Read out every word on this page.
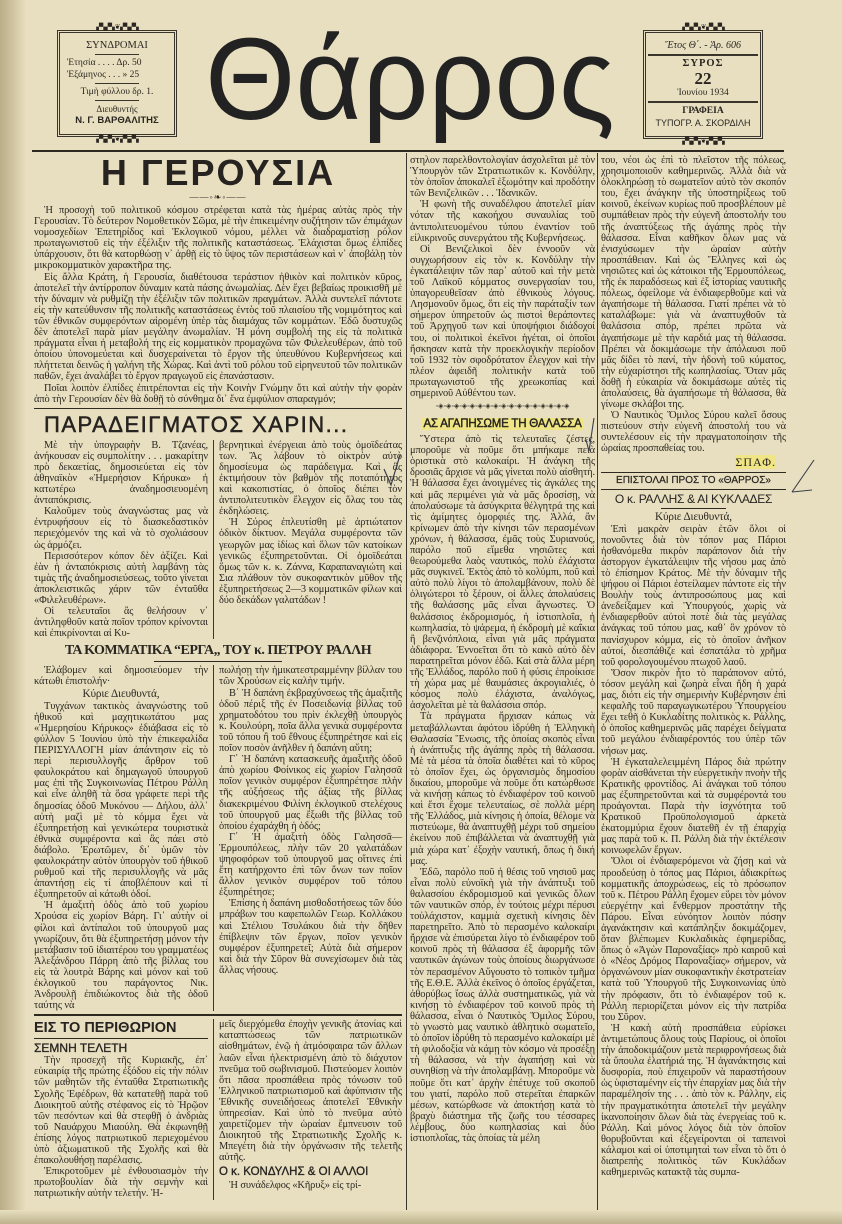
▞▚▞▚ ❦ ▞▚▞▚
ΣΥΝΔΡΟΜΑΙ
Ἐτησία . . . . Δρ. 50
Ἑξάμηνος . . . » 25
Τιμὴ φύλλου δρ. 1.
Διευθυντής
Ν. Γ. ΒΑΡΘΑΛΙΤΗΣ
▞▚▞▚ ❦ ▞▚▞▚ Θάρρος	▞▚▞▚ ❦ ▞▚▞▚
Ἔτος Θ΄. - Ἀρ. 606
ΣΥΡΟΣ
22
Ἰουνίου 1934
ΓΡΑΦΕΙΑ
ΤΥΠΟΓΡ. Α. ΣΚΟΡΔΙΛΗ
▞▚▞▚ ❦ ▞▚▞▚
Η ΓΕΡΟΥΣΙΑ
——◦❧◦——

Ἡ προσοχὴ τοῦ πολιτικοῦ κόσμου στρέφεται κατὰ τὰς ἡμέρας αὐτὰς πρὸς τὴν Γερουσίαν. Τὸ δεύτερον Νομοθετικὸν Σῶμα, μὲ τὴν ἐπικειμένην συζήτησιν τῶν ἐπιμάχων νομοσχεδίων Ἐπετηρίδος καὶ Ἐκλογικοῦ νόμου, μέλλει νὰ διαδραματίσῃ ρόλον πρωταγωνιστοῦ εἰς τὴν ἐξέλιξιν τῆς πολιτικῆς καταστάσεως. Ἐλάχισται ὅμως ἐλπίδες ὑπάρχουσιν, ὅτι θὰ κατορθώσῃ ν᾽ ἀρθῇ εἰς τὸ ὕψος τῶν περιστάσεων καὶ ν᾽ ἀποβάλῃ τὸν μικροκομματικὸν χαρακτῆρα της.

Εἰς ἄλλα Κράτη, ἡ Γερουσία, διαθέτουσα τεράστιον ἠθικὸν καὶ πολιτικὸν κῦρος, ἀποτελεῖ τὴν ἀντίρροπον δύναμιν κατὰ πάσης ἀνωμαλίας. Δὲν ἔχει βεβαίως προικισθῆ μὲ τὴν δύναμιν νὰ ρυθμίζῃ τὴν ἐξέλιξιν τῶν πολιτικῶν πραγμάτων. Ἀλλὰ συντελεῖ πάντοτε εἰς τὴν κατεύθυνσιν τῆς πολιτικῆς καταστάσεως ἐντὸς τοῦ πλαισίου τῆς νομιμότητος καὶ τῶν ἐθνικῶν συμφερόντων αἰρομένη ὑπὲρ τὰς διαμάχας τῶν κομμάτων. Ἐδῶ δυστυχῶς δὲν ἀποτελεῖ παρὰ μίαν μεγάλην ἀνωμαλίαν. Ἡ μόνη συμβολή της εἰς τὰ πολιτικὰ πράγματα εἶναι ἡ μεταβολή της εἰς κομματικὸν προμαχῶνα τῶν Φιλελευθέρων, ἀπὸ τοῦ ὁποίου ὑπονομεύεται καὶ δυσχεραίνεται τὸ ἔργον τῆς ὑπευθύνου Κυβερνήσεως καὶ πλήττεται δεινῶς ἡ γαλήνη τῆς Χώρας. Καὶ ἀντὶ τοῦ ρόλου τοῦ εἰρηνευτοῦ τῶν πολιτικῶν παθῶν, ἔχει ἀναλάβει τὸ ἔργον πραγωγοῦ εἰς ἐπανάστασιν.

Ποῖαι λοιπὸν ἐλπίδες ἐπιτρέπονται εἰς τὴν Κοινὴν Γνώμην ὅτι καὶ αὐτὴν τὴν φορὰν ἀπὸ τὴν Γερουσίαν δὲν θὰ δοθῇ τὸ σύνθημα δι᾽ ἕνα ἐμφύλιον σπαραγμόν;

ΠΑΡΑΔΕΙΓΜΑΤΟΣ ΧΑΡΙΝ...

Μὲ τὴν ὑπογραφὴν Β. Τζανέας, ἀνήκουσαν εἰς συμπολίτην . . . μακαρίτην πρὸ δεκαετίας, δημοσιεύεται εἰς τὸν ἀθηναϊκὸν «Ἡμερήσιον Κήρυκα» ἡ κατωτέρω ἀναδημοσιευομένη ἀνταπόκρισις.

Καλοῦμεν τοὺς ἀναγνώστας μας νὰ ἐντρυφήσουν εἰς τὸ διασκεδαστικὸν περιεχόμενόν της καὶ νὰ τὸ σχολιάσουν ὡς ἁρμόζει.

Περισσότερον κόπον δὲν ἀξίζει. Καὶ ἐὰν ἡ ἀνταπόκρισις αὐτὴ λαμβάνῃ τὰς τιμὰς τῆς ἀναδημοσιεύσεως, τοῦτο γίνεται ἀποκλειστικῶς χάριν τῶν ἐνταῦθα «Φιλελευθέρων».

Οἱ τελευταῖοι ἂς θελήσουν ν᾽ ἀντιληφθοῦν κατὰ ποῖον τρόπον κρίνονται καὶ ἐπικρίνονται αἱ Κυ-

βερνητικαὶ ἐνέργειαι ἀπὸ τοὺς ὁμοϊδεάτας των. Ἂς λάβουν τὸ οἰκτρὸν αὐτὸ δημοσίευμα ὡς παράδειγμα. Καὶ ἂς ἐκτιμήσουν τὸν βαθμὸν τῆς ποταπότητος καὶ κακοπιστίας, ὁ ὁποῖος διέπει τὸν ἀντιπολιτευτικὸν ἔλεγχον εἰς ὅλας του τὰς ἐκδηλώσεις.

Ἡ Σύρος ἐπλευτίσθη μὲ ἀρτιώτατον ὁδικὸν δίκτυον. Μεγάλα συμφέροντα τῶν γεωργῶν μας ἰδίως καὶ ὅλων τῶν κατοίκων γενικῶς ἐξυπηρετοῦνται. Οἱ ὁμοϊδεάται ὅμως τῶν κ. κ. Ζάννα, Καραπαναγιώτη καὶ Σια πλάθουν τὸν συκοφαντικὸν μῦθον τῆς ἐξυπηρετήσεως 2—3 κομματικῶν φίλων καὶ δύο δεκάδων γαλατάδων !

ΤΑ ΚΟΜΜΑΤΙΚΑ “ΕΡΓΑ„ ΤΟΥ κ. ΠΕΤΡΟΥ ΡΑΛΛΗ

Ἐλάβομεν καὶ δημοσιεύομεν τὴν κάτωθι ἐπιστολήν·

Κύριε Διευθυντά,

Τυγχάνων τακτικὸς ἀναγνώστης τοῦ ἡθικοῦ καὶ μαχητικωτάτου μας «Ἡμερησίου Κήρυκος» ἐδιάβασα εἰς τὸ φύλλον 5 Ἰουνίου ὑπὸ τὴν ἐπικεφαλίδα ΠΕΡΙΣΥΛΛΟΓΗ μίαν ἀπάντησιν εἰς τὸ περὶ περισυλλογῆς ἄρθρον τοῦ φαυλοκράτου καὶ δημαγωγοῦ ὑπουργοῦ μας ἐπὶ τῆς Συγκοινωνίας Πέτρου Ράλλη καὶ εἶνε ἀληθῆ τὰ ὅσα γράφετε περὶ τῆς δημοσίας ὁδοῦ Μυκόνου — Δήλου, ἀλλ᾽ αὐτὴ μαζὶ μὲ τὸ κόμμα ἔχει νὰ ἐξυπηρετήσῃ καὶ γενικώτερα τουριστικὰ ἐθνικὰ συμφέροντα καὶ ἂς πάει στὸ διάβολο. Ἐρωτῶμεν, δι᾽ ὑμῶν τὸν φαυλοκράτην αὐτὸν ὑπουργὸν τοῦ ἡθικοῦ ρυθμοῦ καὶ τῆς περισυλλογῆς νὰ μᾶς ἀπαντήσῃ εἰς τί ἀποβλέπουν καὶ τί ἐξυπηρετοῦν αἱ κάτωθι ὁδοί.

Ἡ ἁμαξιτὴ ὁδὸς ἀπὸ τοῦ χωρίου Χρούσα εἰς χωρίον Βάρη. Γι᾽ αὐτὴν οἱ φίλοι καὶ ἀντίπαλοι τοῦ ὑπουργοῦ μας γνωρίζουν, ὅτι θὰ ἐξυπηρετήσῃ μόνον τὴν μετάβασιν τοῦ ἰδιαιτέρου του γραμματέως Ἀλεξάνδρου Πάρρη ἀπὸ τῆς βίλλας του εἰς τὰ λουτρὰ Βάρης καὶ μόνον καὶ τοῦ ἐκλογικοῦ του παράγοντος Νικ. Ἀνδρουλῇ ἐπιδιώκοντος διὰ τῆς ὁδοῦ ταύτης νὰ

πωλήσῃ τὴν ἡμικατεστραμμένην βίλλαν του τῶν Χρούσων εἰς καλὴν τιμήν.

Β΄ Ἡ δαπάνη ἐκβραχύνσεως τῆς ἁμαξιτῆς ὁδοῦ πέριξ τῆς ἐν Ποσειδωνίᾳ βίλλας τοῦ χρηματοδότου του πρὶν ἐκλεχθῇ ὑπουργὸς κ. Κουλούρη, ποῖα ἄλλα γενικὰ συμφέροντα τοῦ τόπου ἢ τοῦ ἔθνους ἐξυπηρέτησε καὶ εἰς ποῖον ποσὸν ἀνῆλθεν ἡ δαπάνη αὕτη;

Γ΄ Ἡ δαπάνη κατασκευῆς ἁμαξιτῆς ὁδοῦ ἀπὸ χωρίου Φοίνικος εἰς χωρίον Γαλησσᾶ ποῖον γενικὸν συμφέρον ἐξυπηρέτησε πλὴν τῆς αὐξήσεως τῆς ἀξίας τῆς βίλλας διακεκριμένου Φιλίνη ἐκλογικοῦ στελέχους τοῦ ὑπουργοῦ μας ἔξωθι τῆς βίλλας τοῦ ὁποίου ἐχαράχθη ἡ ὁδός;

Γ΄ Ἡ ἁμαξιτὴ ὁδὸς Γαλησσᾶ—Ἑρμουπόλεως, πλὴν τῶν 20 γαλατάδων ψηφοφόρων τοῦ ὑπουργοῦ μας οἵτινες ἐπὶ ἔτη κατήρχοντο ἐπὶ τῶν ὄνων των ποῖον ἄλλον γενικὸν συμφέρον τοῦ τόπου ἐξυπηρέτησε;

Ἐπίσης ἡ δαπάνη μισθοδοτήσεως τῶν δύο μπράβων του καφεπωλῶν Γεωρ. Κολλάκου καὶ Στέλιου Τσυλάκου διὰ τὴν δῆθεν ἐπίβλεψιν τῶν ἔργων, ποῖον γενικὸν συμφέρον ἐξυπηρετεῖ; Αὐτὰ διὰ σήμερον καὶ διὰ τὴν Σῦρον θὰ συνεχίσωμεν διὰ τὰς ἄλλας νήσους.

ΕΙΣ ΤΟ ΠΕΡΙΘΩΡΙΟΝ
ΣΕΜΝΗ ΤΕΛΕΤΗ

Τὴν προσεχῆ τῆς Κυριακῆς, ἐπ᾽ εὐκαιρίᾳ τῆς πρώτης ἐξόδου εἰς τὴν πόλιν τῶν μαθητῶν τῆς ἐνταῦθα Στρατιωτικῆς Σχολῆς Ἐφέδρων, θὰ κατατεθῇ παρὰ τοῦ Διοικητοῦ αὐτῆς στέφανος εἰς τὸ Ἡρῷον τῶν πεσόντων καὶ θὰ στεφθῇ ὁ ἀνδριὰς τοῦ Ναυάρχου Μιαούλη. Θὰ ἐκφωνηθῇ ἐπίσης λόγος πατριωτικοῦ περιεχομένου ὑπὸ ἀξιωματικοῦ τῆς Σχολῆς καὶ θὰ ἐπακολουθήσῃ παρέλασις.

Ἐπικροτοῦμεν μὲ ἐνθουσιασμὸν τὴν πρωτοβουλίαν διὰ τὴν σεμνὴν καὶ πατριωτικὴν αὐτὴν τελετήν. Ἡ-

μεῖς διερχόμεθα ἐποχὴν γενικῆς ἀτονίας καὶ καταπτώσεως τῶν πατριωτικῶν αἰσθημάτων, ἐνῷ ἡ ἀτμόσφαιρα τῶν ἄλλων λαῶν εἶναι ἠλεκτρισμένη ἀπὸ τὸ διάχυτον πνεῦμα τοῦ σωβινισμοῦ. Πιστεύομεν λοιπὸν ὅτι πᾶσα προσπάθεια πρὸς τόνωσιν τοῦ Ἑλληνικοῦ πατριωτισμοῦ καὶ ἀφύπνισιν τῆς Ἐθνικῆς συνειδήσεως ἀποτελεῖ Ἐθνικὴν ὑπηρεσίαν. Καὶ ὑπὸ τὸ πνεῦμα αὐτὸ χαιρετίζομεν τὴν ὡραίαν ἔμπνευσιν τοῦ Διοικητοῦ τῆς Στρατιωτικῆς Σχολῆς κ. Μπεγέτη διὰ τὴν ὀργάνωσιν τῆς τελετῆς αὐτῆς.

Ο κ. ΚΟΝΔΥΛΗΣ & ΟΙ ΑΛΛΟΙ

Ἡ συνάδελφος «Κῆρυξ» εἰς τρί-

στηλον παρελθοντολογίαν ἀσχολεῖται μὲ τὸν Ὑπουργὸν τῶν Στρατιωτικῶν κ. Κονδύλην, τὸν ὁποῖον ἀποκαλεῖ ἐξωμότην καὶ προδότην τῶν Βενιζελικῶν . . . Ἰδανικῶν.

Ἡ φωνὴ τῆς συναδέλφου ἀποτελεῖ μίαν νόταν τῆς κακοήχου συναυλίας τοῦ ἀντιπολιτευομένου τύπου ἐναντίον τοῦ εἰλικρινοῦς συνεργάτου τῆς Κυβερνήσεως.

Οἱ Βενιζελικοὶ δὲν ἐννοοῦν νὰ συγχωρήσουν εἰς τὸν κ. Κονδύλην τὴν ἐγκατάλειψιν τῶν παρ᾽ αὐτοῦ καὶ τὴν μετὰ τοῦ Λαϊκοῦ κόμματος συνεργασίαν του, ὑπαγορευθεῖσαν ἀπὸ ἐθνικοὺς λόγους. Λησμονοῦν ὅμως, ὅτι εἰς τὴν παράταξίν των σήμερον ὑπηρετοῦν ὡς πιστοὶ θεράποντες τοῦ Ἀρχηγοῦ των καὶ ὑποψήφιοι διάδοχοί του, οἱ πολιτικοὶ ἐκεῖνοι ἡγέται, οἱ ὁποῖοι ἤσκησαν κατὰ τὴν προεκλογικὴν περίοδον τοῦ 1932 τὸν σφοδρότατον ἔλεγχον καὶ τὴν πλέον ἀφειδῆ πολιτικὴν κατὰ τοῦ πρωταγωνιστοῦ τῆς χρεωκοπίας καὶ σημερινοῦ Αὐθέντου των.

◦◈◦◈◦◈◦◈◦◈◦◈◦◈◦◈◦◈◦◈◦◈◦◈◦◈◦◈◦◈◦◈◦◈
ΑΣ ΑΓΑΠΗΣΩΜΕ ΤΗ ΘΑΛΑΣΣΑ

Ὕστερα ἀπὸ τὶς τελευταῖες ζέστες, μποροῦμε νὰ ποῦμε ὅτι μπήκαμε πειὰ ὁριστικὰ στὸ καλοκαίρι. Ἡ ἀνάγκη τῆς δροσιᾶς ἄρχισε νὰ μᾶς γίνεται πολὺ αἰσθητή. Ἡ θάλασσα ἔχει ἀνοιγμένες τὶς ἀγκάλες της καὶ μᾶς περιμένει γιὰ νὰ μᾶς δροσίσῃ, νὰ ἀπολαύσωμε τὰ ἀσύγκριτα θέλγητρά της καὶ τὶς ἀμίμητες ὀμορφιές της. Ἀλλά, ἂν κρίνωμεν ἀπὸ τὴν κίνησι τῶν περασμένων χρόνων, ἡ θάλασσα, ἐμᾶς τοὺς Συριανούς, παρόλο ποῦ εἴμεθα νησιῶτες καὶ θεωρούμεθα λαὸς ναυτικός, πολὺ ἐλάχιστα μᾶς συγκινεῖ. Ἐκτὸς ἀπὸ τὸ κολύμπι, ποῦ καὶ αὐτὸ πολὺ λίγοι τὸ ἀπολαμβάνουν, πολὺ δὲ ὀλιγώτεροι τὸ ξέρουν, οἱ ἄλλες ἀπολαύσεις τῆς θαλάσσης μᾶς εἶναι ἄγνωστες. Ὁ θαλάσσιος ἐκδρομισμός, ἡ ἱστιοπλοΐα, ἡ κωπηλασία, τὸ ψάρεμα, ἡ ἐκδρομὴ μὲ καΐκια ἢ βενζινόπλοια, εἶναι γιὰ μᾶς πράγματα ἀδιάφορα. Ἐννοεῖται ὅτι τὸ κακὸ αὐτὸ δὲν παρατηρεῖται μόνον ἐδῶ. Καὶ στὰ ἄλλα μέρη τῆς Ἑλλάδος, παρόλο ποῦ ἡ φύσις ἐπροίκισε τὴ χώρα μας μὲ θαυμάσιες ἀκρογιαλιές, ὁ κόσμος πολὺ ἐλάχιστα, ἀναλόγως, ἀσχολεῖται μὲ τὰ θαλάσσια σπόρ.

Τὰ πράγματα ἤρχισαν κάπως νὰ μεταβάλλωνται ἀφότου ἱδρύθη ἡ Ἑλληνικὴ Θαλασσία Ἕνωσις, τῆς ὁποίας σκοπὸς εἶναι ἡ ἀνάπτυξις τῆς ἀγάπης πρὸς τὴ θάλασσα. Μὲ τὰ μέσα τὰ ὁποῖα διαθέτει καὶ τὸ κῦρος τὸ ὁποῖον ἔχει, ὡς ὀργανισμὸς δημοσίου δικαίου, μποροῦμε νὰ ποῦμε ὅτι κατώρθωσε νὰ κινήσῃ κάπως τὸ ἐνδιαφέρον τοῦ κοινοῦ καὶ ἔτσι ἔχομε τελευταίως, σὲ πολλὰ μέρη τῆς Ἑλλάδος, μιὰ κίνησις ἡ ὁποία, θέλομε νὰ πιστεύωμε, θὰ ἀναπτυχθῇ μέχρι τοῦ σημείου ἐκείνου ποῦ ἐπιβάλλεται νὰ ἀναπτυχθῇ γιὰ μιὰ χώρα κατ᾽ ἐξοχὴν ναυτική, ὅπως ἡ δική μας.

Ἐδῶ, παρόλο ποῦ ἡ θέσις τοῦ νησιοῦ μας εἶναι πολὺ εὐνοϊκὴ γιὰ τὴν ἀνάπτυξι τοῦ θαλασσίου ἐκδρομισμοῦ καὶ γενικῶς ὅλων τῶν ναυτικῶν σπόρ, ἐν τούτοις μέχρι πέρυσι τοὐλάχιστον, καμμιὰ σχετικὴ κίνησις δὲν παρετηρεῖτο. Ἀπὸ τὸ περασμένο καλοκαίρι ἤρχισε νὰ ἐπισύρεται λίγο τὸ ἐνδιαφέρον τοῦ κοινοῦ πρὸς τὴ θάλασσα ἐξ ἀφορμῆς τῶν ναυτικῶν ἀγώνων τοὺς ὁποίους διωργάνωσε τὸν περασμένον Αὔγουστο τὸ τοπικὸν τμῆμα τῆς Ε.Θ.Ε. Ἀλλὰ ἐκεῖνος ὁ ὁποῖος ἐργάζεται, ἀθορύβως ἴσως ἀλλὰ συστηματικῶς, γιὰ νὰ κινήσῃ τὸ ἐνδιαφέρον τοῦ κοινοῦ πρὸς τὴ θάλασσα, εἶναι ὁ Ναυτικὸς Ὅμιλος Σύρου, τὸ γνωστὸ μας ναυτικὸ ἀθλητικὸ σωματεῖο, τὸ ὁποῖον ἱδρύθη τὸ περασμένο καλοκαίρι μὲ τὴ φιλοδοξία νὰ κάμῃ τὸν κόσμο νὰ προσέξῃ τὴ θάλασσα, νὰ τὴν ἀγαπήσῃ καὶ νὰ συνηθίσῃ νὰ τὴν ἀπολαμβάνῃ. Μποροῦμε νὰ ποῦμε ὅτι κατ᾽ ἀρχὴν ἐπέτυχε τοῦ σκοποῦ του γιατί, παρόλο ποῦ στερεῖται ἐπαρκῶν μέσων, κατώρθωσε νὰ ἀποκτήσῃ κατὰ τὸ βραχὺ διάστημα τῆς ζωῆς του τέσσαρες λέμβους, δύο κωπηλασίας καὶ δύο ἱστιοπλοΐας, τὰς ὁποίας τὰ μέλη

του, νέοι ὡς ἐπὶ τὸ πλεῖστον τῆς πόλεως, χρησιμοποιοῦν καθημερινῶς. Ἀλλὰ διὰ νὰ ὁλοκληρώσῃ τὸ σωματεῖον αὐτὸ τὸν σκοπόν του, ἔχει ἀνάγκην τῆς ὑποστηρίξεως τοῦ κοινοῦ, ἐκείνων κυρίως ποῦ προσβλέπουν μὲ συμπάθειαν πρὸς τὴν εὐγενῆ ἀποστολήν του τῆς ἀναπτύξεως τῆς ἀγάπης πρὸς τὴν θάλασσα. Εἶναι καθῆκον ὅλων μας νὰ ἐνισχύσωμεν τὴν ὡραίαν αὐτὴν προσπάθειαν. Καὶ ὡς Ἕλληνες καὶ ὡς νησιῶτες καὶ ὡς κάτοικοι τῆς Ἑρμουπόλεως, τῆς ἐκ παραδόσεως καὶ ἐξ ἱστορίας ναυτικῆς πόλεως, ὀφείλομε νὰ ἐνδιαφερθοῦμε καὶ νὰ ἀγαπήσωμε τὴ θάλασσα. Γιατί πρέπει νὰ τὸ καταλάβωμε: γιὰ νὰ ἀναπτυχθοῦν τὰ θαλάσσια σπόρ, πρέπει πρῶτα νὰ ἀγαπήσωμε μὲ τὴν καρδιά μας τὴ θάλασσα. Πρέπει νὰ δοκιμάσωμε τὴν ἀπόλαυσι ποῦ μᾶς δίδει τὸ πανί, τὴν ἡδονὴ τοῦ κύματος, τὴν εὐχαρίστησι τῆς κωπηλασίας. Ὅταν μᾶς δοθῇ ἡ εὐκαιρία νὰ δοκιμάσωμε αὐτὲς τὶς ἀπολαύσεις, θὰ ἀγαπήσωμε τὴ θάλασσα, θὰ γίνωμε σκλάβοι της.

Ὁ Ναυτικὸς Ὅμιλος Σύρου καλεῖ ὅσους πιστεύουν στὴν εὐγενῆ ἀποστολή του νὰ συντελέσουν εἰς τὴν πραγματοποίησιν τῆς ὡραίας προσπαθείας του.

ΣΠΑΦ.
ΕΠΙΣΤΟΛΑΙ ΠΡΟΣ ΤΟ «ΘΑΡΡΟΣ»
Ο κ. ΡΑΛΛΗΣ & ΑΙ ΚΥΚΛΑΔΕΣ

Κύριε Διευθυντά,

Ἐπὶ μακρὰν σειρὰν ἐτῶν ὅλοι οἱ πονοῦντες διὰ τὸν τόπον μας Πάριοι ἠσθανόμεθα πικρὸν παράπονον διὰ τὴν ἀστοργον ἐγκατάλειψιν τῆς νήσου μας ἀπὸ τὸ ἐπίσημον Κράτος. Μὲ τὴν δύναμιν τῆς ψήφου οἱ Πάριοι ἐστείλαμεν πάντοτε εἰς τὴν Βουλὴν τοὺς ἀντιπροσώπους μας καὶ ἀνεδείξαμεν καὶ Ὑπουργούς, χωρὶς νὰ ἐνδιαφερθοῦν αὐτοὶ ποτὲ διὰ τὰς μεγάλας ἀνάγκας τοῦ τόπου μας, καθ᾽ ὃν χρόνον τὸ πανίσχυρον κόμμα, εἰς τὸ ὁποῖον ἀνῆκον αὐτοί, διεσπάθιζε καὶ ἐσπατάλα τὸ χρῆμα τοῦ φορολογουμένου πτωχοῦ λαοῦ.

Ὅσον πικρὸν ἦτο τὸ παράπονον αὐτό, τόσον μεγάλη καὶ ζωηρὰ εἶναι ἤδη ἡ χαρά μας, διότι εἰς τὴν σημερινὴν Κυβέρνησιν ἐπὶ κεφαλῆς τοῦ παραγωγικωτέρου Ὑπουργείου ἔχει τεθῆ ὁ Κυκλαδίτης πολιτικὸς κ. Ράλλης, ὁ ὁποῖος καθημερινῶς μᾶς παρέχει δείγματα τοῦ μεγάλου ἐνδιαφέροντός του ὑπὲρ τῶν νήσων μας.

Ἡ ἐγκαταλελειμμένη Πάρος διὰ πρώτην φορὰν αἰσθάνεται τὴν εὐεργετικὴν πνοὴν τῆς Κρατικῆς φροντίδος. Αἱ ἀνάγκαι τοῦ τόπου μας ἐξυπηρετοῦνται καὶ τὰ συμφέροντά του προάγονται. Παρὰ τὴν ἰσχνότητα τοῦ Κρατικοῦ Προϋπολογισμοῦ ἀρκετὰ ἑκατομμύρια ἔχουν διατεθῆ ἐν τῇ ἐπαρχίᾳ μας παρὰ τοῦ κ. Π. Ράλλη διὰ τὴν ἐκτέλεσιν κοινωφελῶν ἔργων.

Ὅλοι οἱ ἐνδιαφερόμενοι νὰ ζήσῃ καὶ νὰ προοδεύσῃ ὁ τόπος μας Πάριοι, ἀδιακρίτως κομματικῆς ἀποχρώσεως, εἰς τὸ πρόσωπον τοῦ κ. Πέτρου Ράλλη ἔχομεν εὕρει τὸν μόνον εὐεργέτην καὶ ἔνθερμον προστάτην τῆς Πάρου. Εἶναι εὐνόητον λοιπὸν πόσην ἀγανάκτησιν καὶ κατάπληξιν δοκιμάζομεν, ὅταν βλέπωμεν Κυκλαδικὰς ἐφημερίδας, ὅπως ὁ «Ἀγὼν Παροναξίας» πρὸ καιροῦ καὶ ὁ «Νέος Δρόμος Παροναξίας» σήμερον, νὰ ὀργανώνουν μίαν συκοφαντικὴν ἐκστρατείαν κατὰ τοῦ Ὑπουργοῦ τῆς Συγκοινωνίας ὑπὸ τὴν πρόφασιν, ὅτι τὸ ἐνδιαφέρον τοῦ κ. Ράλλη περιορίζεται μόνον εἰς τὴν πατρίδα του Σῦρον.

Ἡ κακὴ αὐτὴ προσπάθεια εὑρίσκει ἀντιμετώπους ὅλους τοὺς Παρίους, οἱ ὁποῖοι τὴν ἀποδοκιμάζουν μετὰ περιφρονήσεως διὰ τὰ ὕπουλα ἐλατήριά της. Ἡ ἀγανάκτησις καὶ δυσφορία, ποὺ ἐπιχειροῦν νὰ παραστήσουν ὡς ὑφισταμένην εἰς τὴν ἐπαρχίαν μας διὰ τὴν παραμέλησίν της . . . ἀπὸ τὸν κ. Ράλλην, εἰς τὴν πραγματικότητα ἀποτελεῖ τὴν μεγάλην ἱκανοποίησιν ὅλων διὰ τὰς ἐνεργείας τοῦ κ. Ράλλη. Καὶ μόνος λόγος διὰ τὸν ὁποῖον θορυβοῦνται καὶ ἐξεγείρονται οἱ ταπεινοὶ κάλαμοι καὶ οἱ ὑποτιμηταὶ των εἶναι τὸ ὅτι ὁ διαπρεπὴς πολιτικὸς τῶν Κυκλάδων καθημερινῶς κατακτᾷ τὰς συμπα-
